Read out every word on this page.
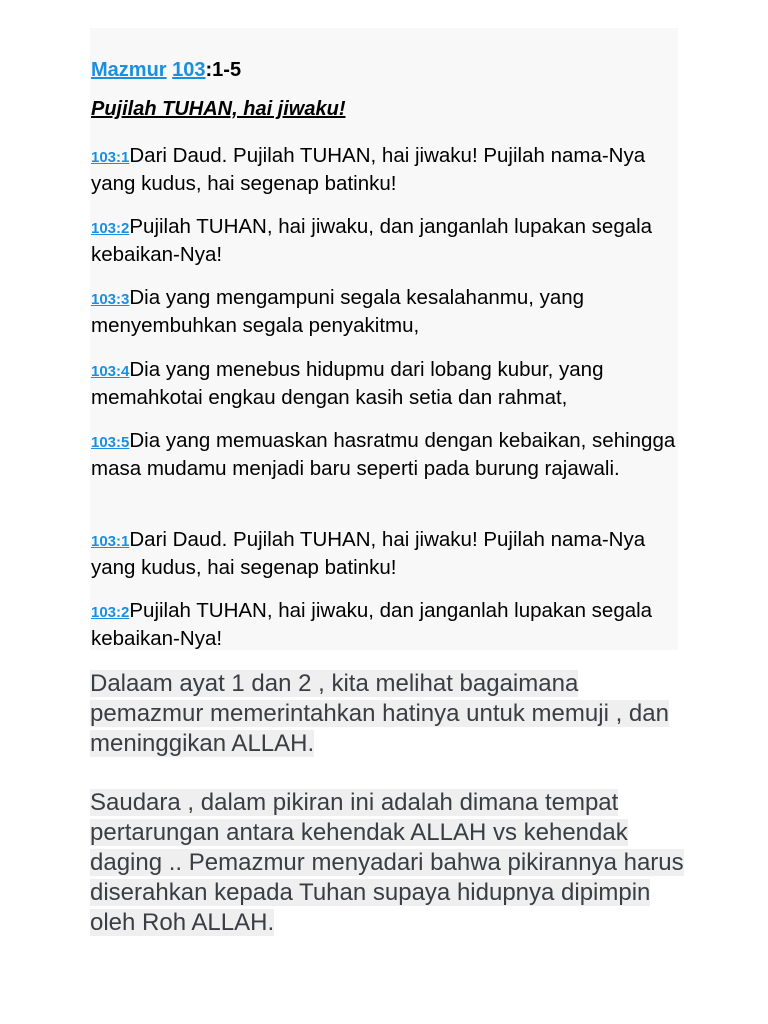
Mazmur 103:1-5
Pujilah TUHAN, hai jiwaku!
103:1Dari Daud. Pujilah TUHAN, hai jiwaku! Pujilah nama-Nya yang kudus, hai segenap batinku!
103:2Pujilah TUHAN, hai jiwaku, dan janganlah lupakan segala kebaikan-Nya!
103:3Dia yang mengampuni segala kesalahanmu, yang menyembuhkan segala penyakitmu,
103:4Dia yang menebus hidupmu dari lobang kubur, yang memahkotai engkau dengan kasih setia dan rahmat,
103:5Dia yang memuaskan hasratmu dengan kebaikan, sehingga masa mudamu menjadi baru seperti pada burung rajawali.
103:1Dari Daud. Pujilah TUHAN, hai jiwaku! Pujilah nama-Nya yang kudus, hai segenap batinku!
103:2Pujilah TUHAN, hai jiwaku, dan janganlah lupakan segala kebaikan-Nya!
Dalaam ayat 1 dan 2 , kita melihat bagaimana pemazmur memerintahkan hatinya untuk memuji , dan meninggikan ALLAH.
Saudara , dalam pikiran ini adalah dimana tempat pertarungan antara kehendak ALLAH vs kehendak daging .. Pemazmur menyadari bahwa pikirannya harus diserahkan kepada Tuhan supaya hidupnya dipimpin oleh Roh ALLAH.
